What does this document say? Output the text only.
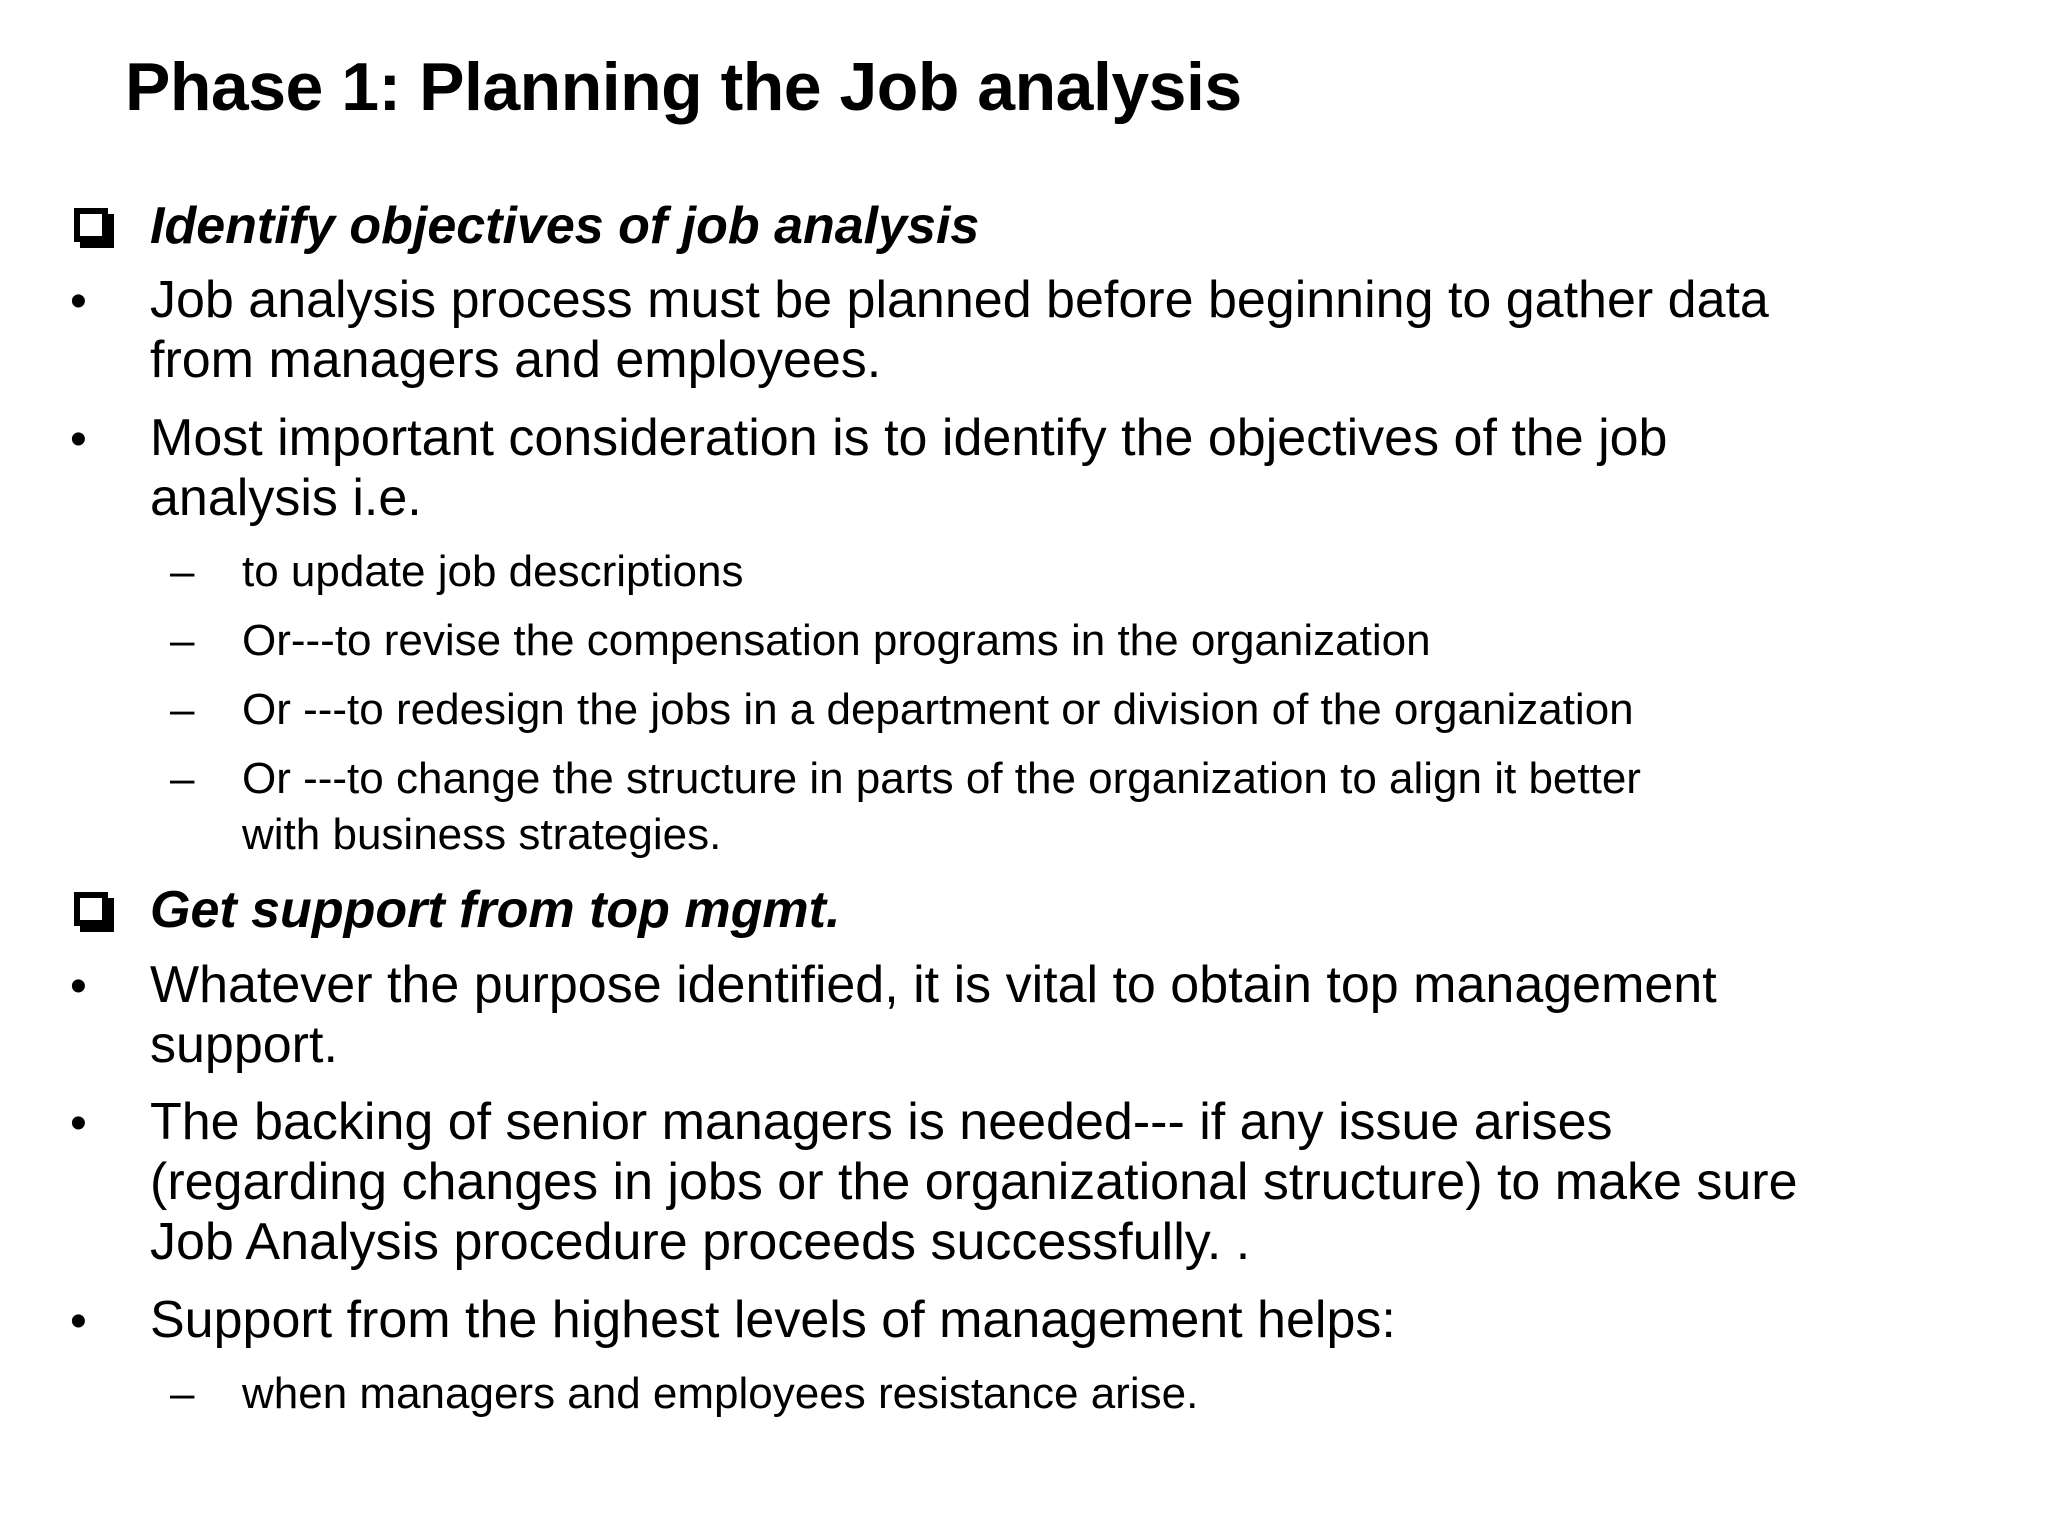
Phase 1: Planning the Job analysis
Identify objectives of job analysis
• Job analysis process must be planned before beginning to gather data
from managers and employees.
• Most important consideration is to identify the objectives of the job
analysis i.e.
– to update job descriptions
– Or---to revise the compensation programs in the organization
– Or ---to redesign the jobs in a department or division of the organization
– Or ---to change the structure in parts of the organization to align it better
with business strategies.
Get support from top mgmt.
• Whatever the purpose identified, it is vital to obtain top management
support.
• The backing of senior managers is needed--- if any issue arises
(regarding changes in jobs or the organizational structure) to make sure
Job Analysis procedure proceeds successfully. .
• Support from the highest levels of management helps:
– when managers and employees resistance arise.
